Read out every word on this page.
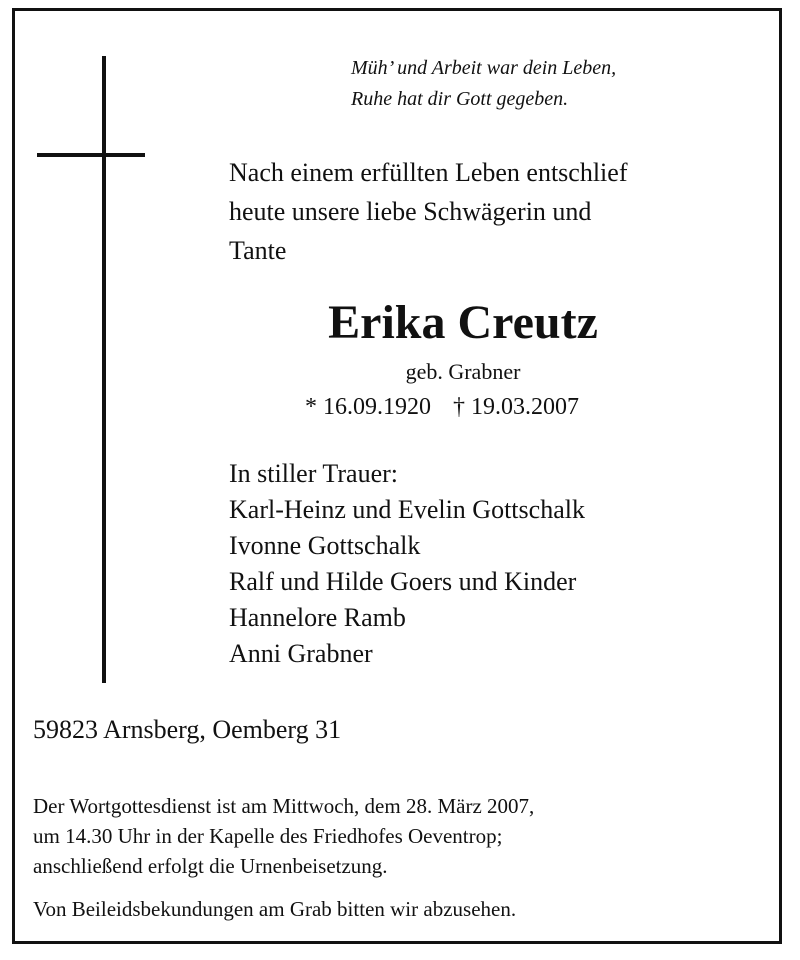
Müh’ und Arbeit war dein Leben,
Ruhe hat dir Gott gegeben.

Nach einem erfüllten Leben entschlief
heute unsere liebe Schwägerin und
Tante

Erika Creutz
geb. Grabner
* 16.09.1920 † 19.03.2007
In stiller Trauer:
Karl-Heinz und Evelin Gottschalk
Ivonne Gottschalk
Ralf und Hilde Goers und Kinder
Hannelore Ramb
Anni Grabner
59823 Arnsberg, Oemberg 31

Der Wortgottesdienst ist am Mittwoch, dem 28. März 2007,
um 14.30 Uhr in der Kapelle des Friedhofes Oeventrop;
anschließend erfolgt die Urnenbeisetzung.

Von Beileidsbekundungen am Grab bitten wir abzusehen.
